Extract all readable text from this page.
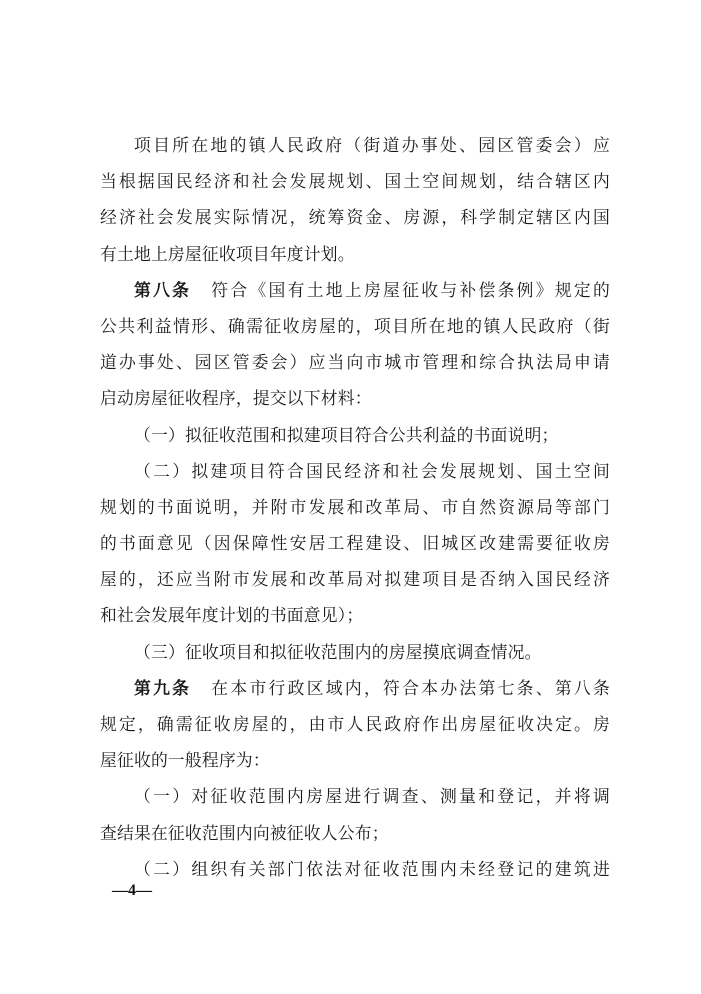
项目所在地的镇人民政府（街道办事处、园区管委会）应
当根据国民经济和社会发展规划、国土空间规划，结合辖区内
经济社会发展实际情况，统筹资金、房源，科学制定辖区内国
有土地上房屋征收项目年度计划。
第八条 符合《国有土地上房屋征收与补偿条例》规定的
公共利益情形、确需征收房屋的，项目所在地的镇人民政府（街
道办事处、园区管委会）应当向市城市管理和综合执法局申请
启动房屋征收程序，提交以下材料：
（一）拟征收范围和拟建项目符合公共利益的书面说明；
（二）拟建项目符合国民经济和社会发展规划、国土空间
规划的书面说明，并附市发展和改革局、市自然资源局等部门
的书面意见（因保障性安居工程建设、旧城区改建需要征收房
屋的，还应当附市发展和改革局对拟建项目是否纳入国民经济
和社会发展年度计划的书面意见）；
（三）征收项目和拟征收范围内的房屋摸底调查情况。
第九条 在本市行政区域内，符合本办法第七条、第八条
规定，确需征收房屋的，由市人民政府作出房屋征收决定。房
屋征收的一般程序为：
（一）对征收范围内房屋进行调查、测量和登记，并将调
查结果在征收范围内向被征收人公布；
（二）组织有关部门依法对征收范围内未经登记的建筑进
—4—
